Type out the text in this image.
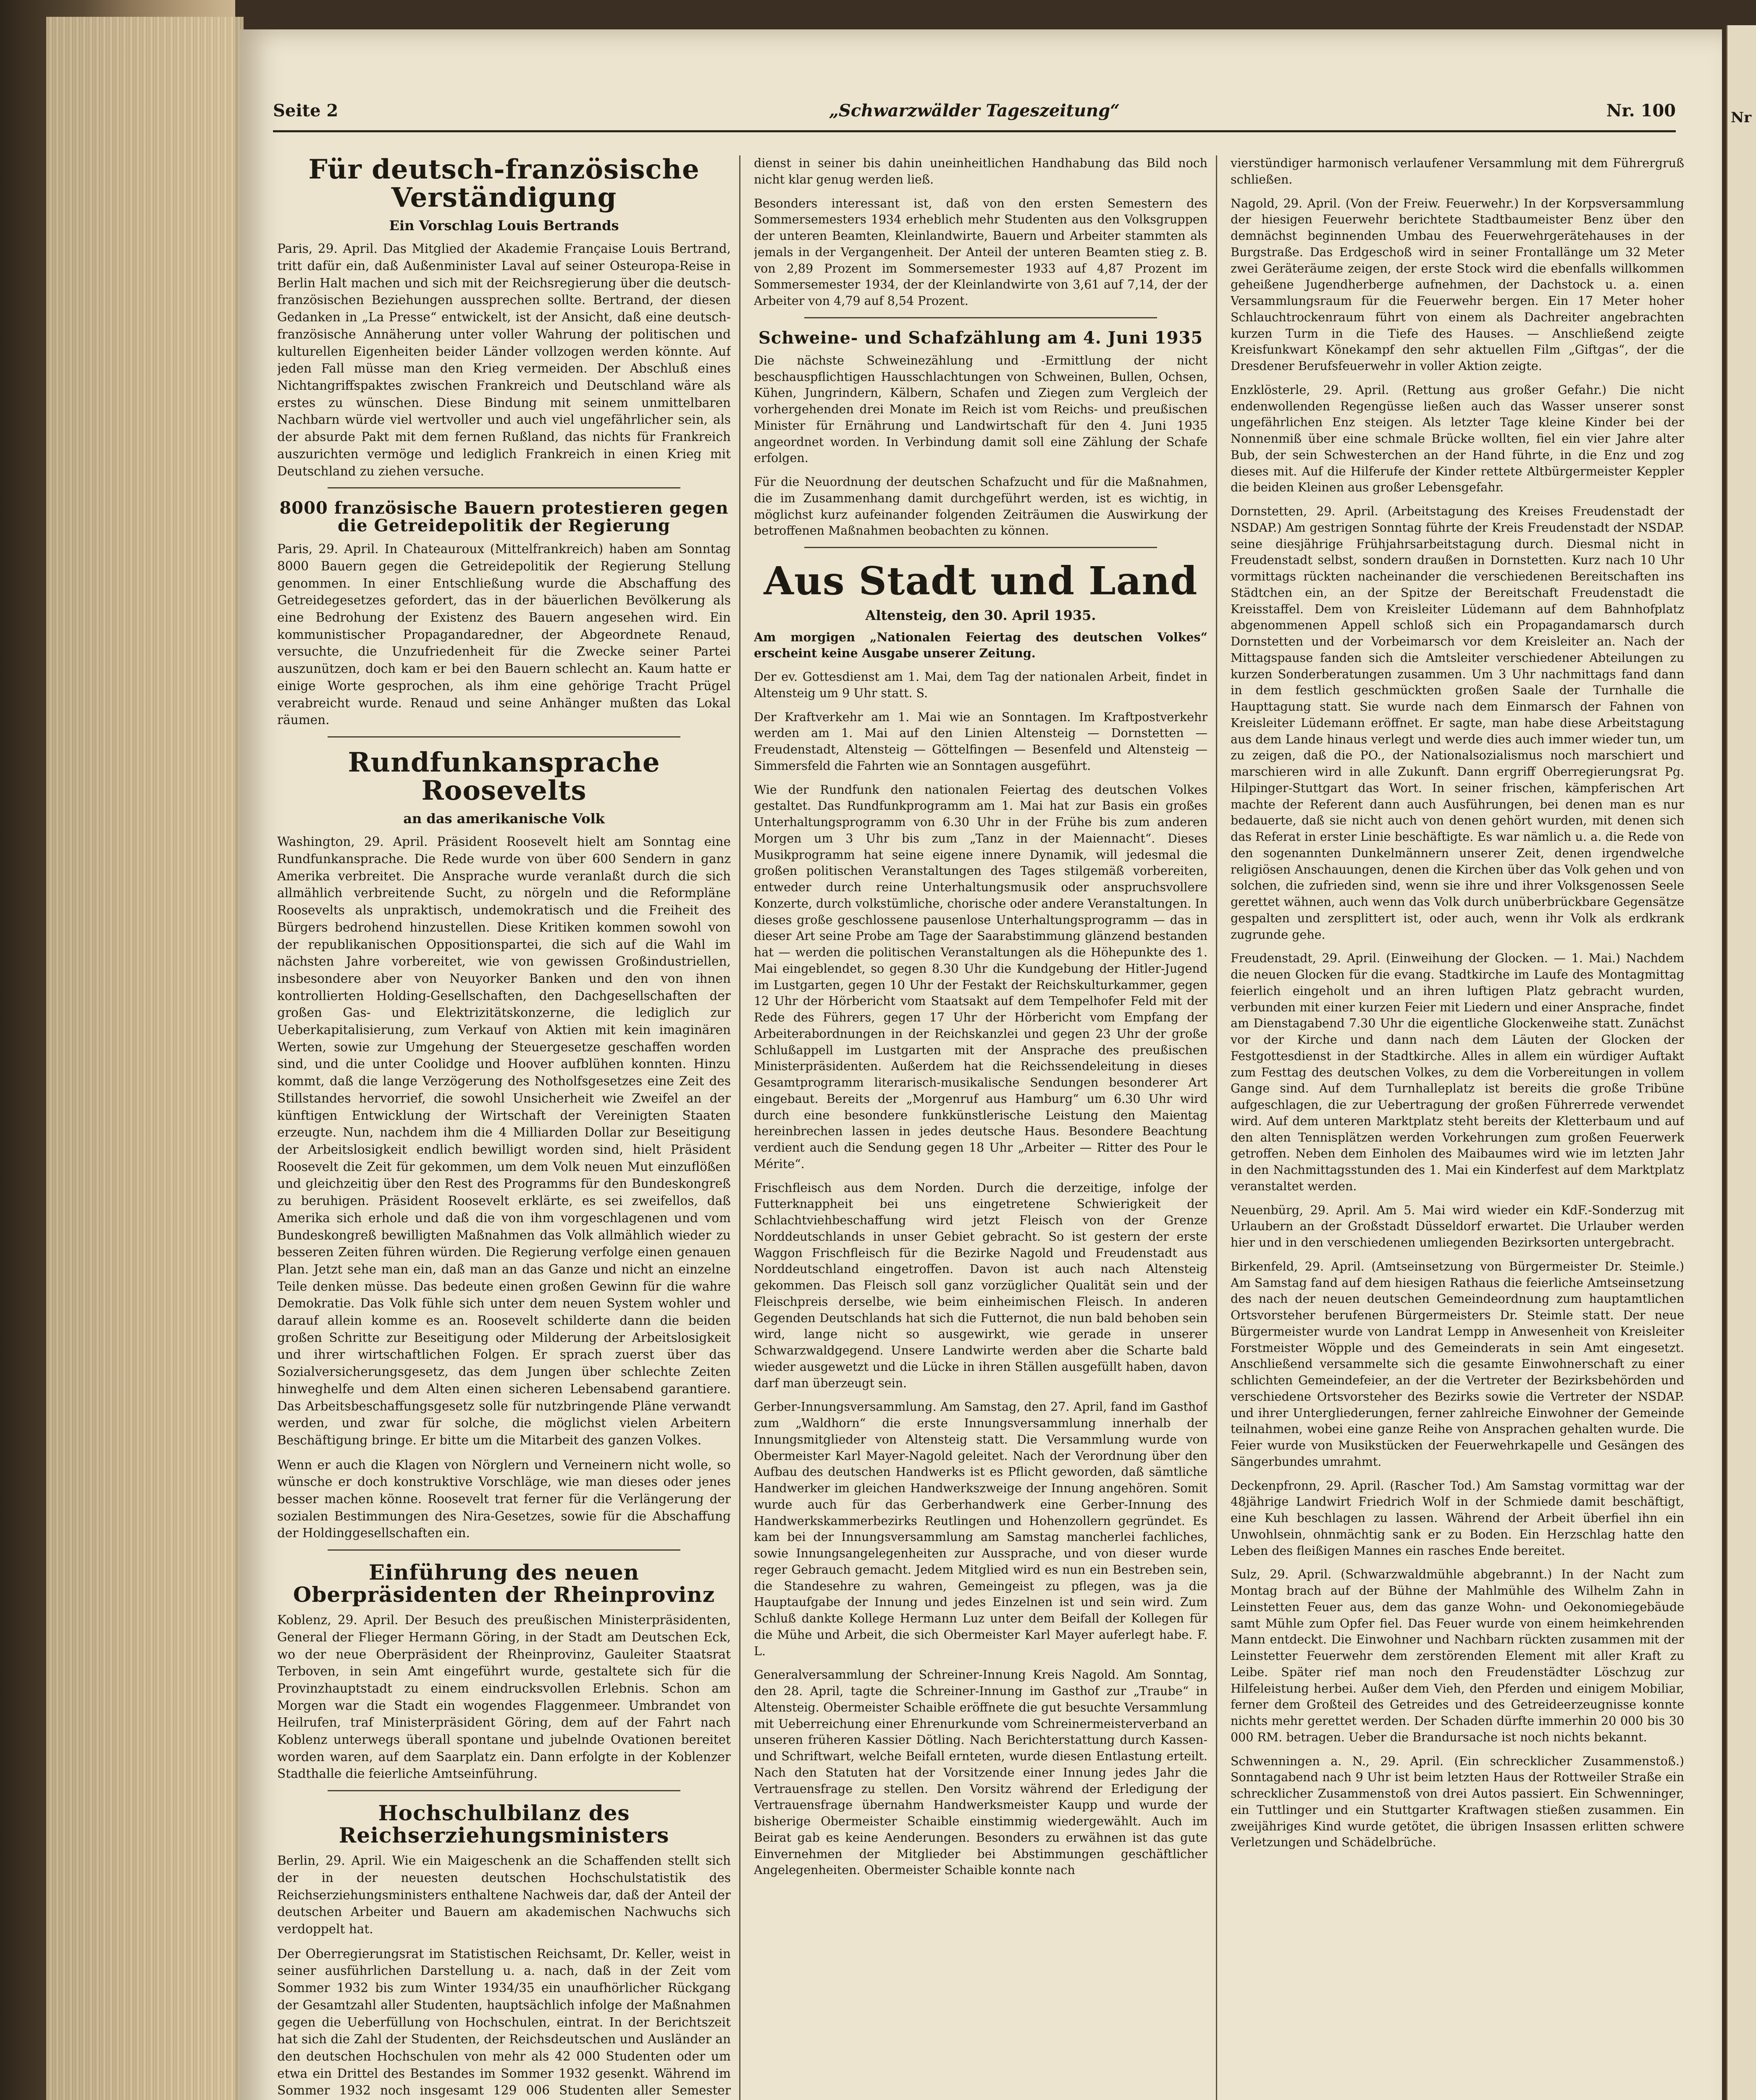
Seite 2	„Schwarzwälder Tageszeitung“	Nr. 100
Für deutsch-französische Verständigung
Ein Vorschlag Louis Bertrands

Paris, 29. April. Das Mitglied der Akademie Française Louis Bertrand, tritt dafür ein, daß Außenminister Laval auf seiner Osteuropa-Reise in Berlin Halt machen und sich mit der Reichsregierung über die deutsch-französischen Beziehungen aussprechen sollte. Bertrand, der diesen Gedanken in „La Presse“ entwickelt, ist der Ansicht, daß eine deutsch-französische Annäherung unter voller Wahrung der politischen und kulturellen Eigenheiten beider Länder vollzogen werden könnte. Auf jeden Fall müsse man den Krieg vermeiden. Der Abschluß eines Nichtangriffspaktes zwischen Frankreich und Deutschland wäre als erstes zu wünschen. Diese Bindung mit seinem unmittelbaren Nachbarn würde viel wertvoller und auch viel ungefährlicher sein, als der absurde Pakt mit dem fernen Rußland, das nichts für Frankreich auszurichten vermöge und lediglich Frankreich in einen Krieg mit Deutschland zu ziehen versuche.

8000 französische Bauern protestieren gegen die Getreidepolitik der Regierung

Paris, 29. April. In Chateauroux (Mittelfrankreich) haben am Sonntag 8000 Bauern gegen die Getreidepolitik der Regierung Stellung genommen. In einer Entschließung wurde die Abschaffung des Getreidegesetzes gefordert, das in der bäuerlichen Bevölkerung als eine Bedrohung der Existenz des Bauern angesehen wird. Ein kommunistischer Propagandaredner, der Abgeordnete Renaud, versuchte, die Unzufriedenheit für die Zwecke seiner Partei auszunützen, doch kam er bei den Bauern schlecht an. Kaum hatte er einige Worte gesprochen, als ihm eine gehörige Tracht Prügel verabreicht wurde. Renaud und seine Anhänger mußten das Lokal räumen.

Rundfunkansprache Roosevelts
an das amerikanische Volk

Washington, 29. April. Präsident Roosevelt hielt am Sonntag eine Rundfunkansprache. Die Rede wurde von über 600 Sendern in ganz Amerika verbreitet. Die Ansprache wurde veranlaßt durch die sich allmählich verbreitende Sucht, zu nörgeln und die Reformpläne Roosevelts als unpraktisch, undemokratisch und die Freiheit des Bürgers bedrohend hinzustellen. Diese Kritiken kommen sowohl von der republikanischen Oppositionspartei, die sich auf die Wahl im nächsten Jahre vorbereitet, wie von gewissen Großindustriellen, insbesondere aber von Neuyorker Banken und den von ihnen kontrollierten Holding-Gesellschaften, den Dachgesellschaften der großen Gas- und Elektrizitätskonzerne, die lediglich zur Ueberkapitalisierung, zum Verkauf von Aktien mit kein imaginären Werten, sowie zur Umgehung der Steuergesetze geschaffen worden sind, und die unter Coolidge und Hoover aufblühen konnten. Hinzu kommt, daß die lange Verzögerung des Notholfsgesetzes eine Zeit des Stillstandes hervorrief, die sowohl Unsicherheit wie Zweifel an der künftigen Entwicklung der Wirtschaft der Vereinigten Staaten erzeugte. Nun, nachdem ihm die 4 Milliarden Dollar zur Beseitigung der Arbeitslosigkeit endlich bewilligt worden sind, hielt Präsident Roosevelt die Zeit für gekommen, um dem Volk neuen Mut einzuflößen und gleichzeitig über den Rest des Programms für den Bundeskongreß zu beruhigen. Präsident Roosevelt erklärte, es sei zweifellos, daß Amerika sich erhole und daß die von ihm vorgeschlagenen und vom Bundeskongreß bewilligten Maßnahmen das Volk allmählich wieder zu besseren Zeiten führen würden. Die Regierung verfolge einen genauen Plan. Jetzt sehe man ein, daß man an das Ganze und nicht an einzelne Teile denken müsse. Das bedeute einen großen Gewinn für die wahre Demokratie. Das Volk fühle sich unter dem neuen System wohler und darauf allein komme es an. Roosevelt schilderte dann die beiden großen Schritte zur Beseitigung oder Milderung der Arbeitslosigkeit und ihrer wirtschaftlichen Folgen. Er sprach zuerst über das Sozialversicherungsgesetz, das dem Jungen über schlechte Zeiten hinweghelfe und dem Alten einen sicheren Lebensabend garantiere. Das Arbeitsbeschaffungsgesetz solle für nutzbringende Pläne verwandt werden, und zwar für solche, die möglichst vielen Arbeitern Beschäftigung bringe. Er bitte um die Mitarbeit des ganzen Volkes.

Wenn er auch die Klagen von Nörglern und Verneinern nicht wolle, so wünsche er doch konstruktive Vorschläge, wie man dieses oder jenes besser machen könne. Roosevelt trat ferner für die Verlängerung der sozialen Bestimmungen des Nira-Gesetzes, sowie für die Abschaffung der Holdinggesellschaften ein.

Einführung des neuen Oberpräsidenten der Rheinprovinz

Koblenz, 29. April. Der Besuch des preußischen Ministerpräsidenten, General der Flieger Hermann Göring, in der Stadt am Deutschen Eck, wo der neue Oberpräsident der Rheinprovinz, Gauleiter Staatsrat Terboven, in sein Amt eingeführt wurde, gestaltete sich für die Provinzhauptstadt zu einem eindrucksvollen Erlebnis. Schon am Morgen war die Stadt ein wogendes Flaggenmeer. Umbrandet von Heilrufen, traf Ministerpräsident Göring, dem auf der Fahrt nach Koblenz unterwegs überall spontane und jubelnde Ovationen bereitet worden waren, auf dem Saarplatz ein. Dann erfolgte in der Koblenzer Stadthalle die feierliche Amtseinführung.

Hochschulbilanz des Reichserziehungsministers

Berlin, 29. April. Wie ein Maigeschenk an die Schaffenden stellt sich der in der neuesten deutschen Hochschulstatistik des Reichserziehungsministers enthaltene Nachweis dar, daß der Anteil der deutschen Arbeiter und Bauern am akademischen Nachwuchs sich verdoppelt hat.

Der Oberregierungsrat im Statistischen Reichsamt, Dr. Keller, weist in seiner ausführlichen Darstellung u. a. nach, daß in der Zeit vom Sommer 1932 bis zum Winter 1934/35 ein unaufhörlicher Rückgang der Gesamtzahl aller Studenten, hauptsächlich infolge der Maßnahmen gegen die Ueberfüllung von Hochschulen, eintrat. In der Berichtszeit hat sich die Zahl der Studenten, der Reichsdeutschen und Ausländer an den deutschen Hochschulen von mehr als 42 000 Studenten oder um etwa ein Drittel des Bestandes im Sommer 1932 gesenkt. Während im Sommer 1932 noch insgesamt 129 006 Studenten aller Semester

dienst in seiner bis dahin uneinheitlichen Handhabung das Bild noch nicht klar genug werden ließ.

Besonders interessant ist, daß von den ersten Semestern des Sommersemesters 1934 erheblich mehr Studenten aus den Volksgruppen der unteren Beamten, Kleinlandwirte, Bauern und Arbeiter stammten als jemals in der Vergangenheit. Der Anteil der unteren Beamten stieg z. B. von 2,89 Prozent im Sommersemester 1933 auf 4,87 Prozent im Sommersemester 1934, der der Kleinlandwirte von 3,61 auf 7,14, der der Arbeiter von 4,79 auf 8,54 Prozent.

Schweine- und Schafzählung am 4. Juni 1935

Die nächste Schweinezählung und -Ermittlung der nicht beschauspflichtigen Hausschlachtungen von Schweinen, Bullen, Ochsen, Kühen, Jungrindern, Kälbern, Schafen und Ziegen zum Vergleich der vorhergehenden drei Monate im Reich ist vom Reichs- und preußischen Minister für Ernährung und Landwirtschaft für den 4. Juni 1935 angeordnet worden. In Verbindung damit soll eine Zählung der Schafe erfolgen.

Für die Neuordnung der deutschen Schafzucht und für die Maßnahmen, die im Zusammenhang damit durchgeführt werden, ist es wichtig, in möglichst kurz aufeinander folgenden Zeiträumen die Auswirkung der betroffenen Maßnahmen beobachten zu können.

Aus Stadt und Land
Altensteig, den 30. April 1935.

Am morgigen „Nationalen Feiertag des deutschen Volkes“ erscheint keine Ausgabe unserer Zeitung.

Der ev. Gottesdienst am 1. Mai, dem Tag der nationalen Arbeit, findet in Altensteig um 9 Uhr statt. S.

Der Kraftverkehr am 1. Mai wie an Sonntagen. Im Kraftpostverkehr werden am 1. Mai auf den Linien Altensteig — Dornstetten — Freudenstadt, Altensteig — Göttelfingen — Besenfeld und Altensteig — Simmersfeld die Fahrten wie an Sonntagen ausgeführt.

Wie der Rundfunk den nationalen Feiertag des deutschen Volkes gestaltet. Das Rundfunkprogramm am 1. Mai hat zur Basis ein großes Unterhaltungsprogramm von 6.30 Uhr in der Frühe bis zum anderen Morgen um 3 Uhr bis zum „Tanz in der Maiennacht“. Dieses Musikprogramm hat seine eigene innere Dynamik, will jedesmal die großen politischen Veranstaltungen des Tages stilgemäß vorbereiten, entweder durch reine Unterhaltungsmusik oder anspruchsvollere Konzerte, durch volkstümliche, chorische oder andere Veranstaltungen. In dieses große geschlossene pausenlose Unterhaltungsprogramm — das in dieser Art seine Probe am Tage der Saarabstimmung glänzend bestanden hat — werden die politischen Veranstaltungen als die Höhepunkte des 1. Mai eingeblendet, so gegen 8.30 Uhr die Kundgebung der Hitler-Jugend im Lustgarten, gegen 10 Uhr der Festakt der Reichskulturkammer, gegen 12 Uhr der Hörbericht vom Staatsakt auf dem Tempelhofer Feld mit der Rede des Führers, gegen 17 Uhr der Hörbericht vom Empfang der Arbeiterabordnungen in der Reichskanzlei und gegen 23 Uhr der große Schlußappell im Lustgarten mit der Ansprache des preußischen Ministerpräsidenten. Außerdem hat die Reichssendeleitung in dieses Gesamtprogramm literarisch-musikalische Sendungen besonderer Art eingebaut. Bereits der „Morgenruf aus Hamburg“ um 6.30 Uhr wird durch eine besondere funkkünstlerische Leistung den Maientag hereinbrechen lassen in jedes deutsche Haus. Besondere Beachtung verdient auch die Sendung gegen 18 Uhr „Arbeiter — Ritter des Pour le Mérite“.

Frischfleisch aus dem Norden. Durch die derzeitige, infolge der Futterknappheit bei uns eingetretene Schwierigkeit der Schlachtviehbeschaffung wird jetzt Fleisch von der Grenze Norddeutschlands in unser Gebiet gebracht. So ist gestern der erste Waggon Frischfleisch für die Bezirke Nagold und Freudenstadt aus Norddeutschland eingetroffen. Davon ist auch nach Altensteig gekommen. Das Fleisch soll ganz vorzüglicher Qualität sein und der Fleischpreis derselbe, wie beim einheimischen Fleisch. In anderen Gegenden Deutschlands hat sich die Futternot, die nun bald behoben sein wird, lange nicht so ausgewirkt, wie gerade in unserer Schwarzwaldgegend. Unsere Landwirte werden aber die Scharte bald wieder ausgewetzt und die Lücke in ihren Ställen ausgefüllt haben, davon darf man überzeugt sein.

Gerber-Innungsversammlung. Am Samstag, den 27. April, fand im Gasthof zum „Waldhorn“ die erste Innungsversammlung innerhalb der Innungsmitglieder von Altensteig statt. Die Versammlung wurde von Obermeister Karl Mayer-Nagold geleitet. Nach der Verordnung über den Aufbau des deutschen Handwerks ist es Pflicht geworden, daß sämtliche Handwerker im gleichen Handwerkszweige der Innung angehören. Somit wurde auch für das Gerberhandwerk eine Gerber-Innung des Handwerkskammerbezirks Reutlingen und Hohenzollern gegründet. Es kam bei der Innungsversammlung am Samstag mancherlei fachliches, sowie Innungsangelegenheiten zur Aussprache, und von dieser wurde reger Gebrauch gemacht. Jedem Mitglied wird es nun ein Bestreben sein, die Standesehre zu wahren, Gemeingeist zu pflegen, was ja die Hauptaufgabe der Innung und jedes Einzelnen ist und sein wird. Zum Schluß dankte Kollege Hermann Luz unter dem Beifall der Kollegen für die Mühe und Arbeit, die sich Obermeister Karl Mayer auferlegt habe. F. L.

Generalversammlung der Schreiner-Innung Kreis Nagold. Am Sonntag, den 28. April, tagte die Schreiner-Innung im Gasthof zur „Traube“ in Altensteig. Obermeister Schaible eröffnete die gut besuchte Versammlung mit Ueberreichung einer Ehrenurkunde vom Schreinermeisterverband an unseren früheren Kassier Dötling. Nach Berichterstattung durch Kassen- und Schriftwart, welche Beifall ernteten, wurde diesen Entlastung erteilt. Nach den Statuten hat der Vorsitzende einer Innung jedes Jahr die Vertrauensfrage zu stellen. Den Vorsitz während der Erledigung der Vertrauensfrage übernahm Handwerksmeister Kaupp und wurde der bisherige Obermeister Schaible einstimmig wiedergewählt. Auch im Beirat gab es keine Aenderungen. Besonders zu erwähnen ist das gute Einvernehmen der Mitglieder bei Abstimmungen geschäftlicher Angelegenheiten. Obermeister Schaible konnte nach

vierstündiger harmonisch verlaufener Versammlung mit dem Führergruß schließen.

Nagold, 29. April. (Von der Freiw. Feuerwehr.) In der Korpsversammlung der hiesigen Feuerwehr berichtete Stadtbaumeister Benz über den demnächst beginnenden Umbau des Feuerwehrgerätehauses in der Burgstraße. Das Erdgeschoß wird in seiner Frontallänge um 32 Meter zwei Geräteräume zeigen, der erste Stock wird die ebenfalls willkommen geheißene Jugendherberge aufnehmen, der Dachstock u. a. einen Versammlungsraum für die Feuerwehr bergen. Ein 17 Meter hoher Schlauchtrockenraum führt von einem als Dachreiter angebrachten kurzen Turm in die Tiefe des Hauses. — Anschließend zeigte Kreisfunkwart Könekampf den sehr aktuellen Film „Giftgas“, der die Dresdener Berufsfeuerwehr in voller Aktion zeigte.

Enzklösterle, 29. April. (Rettung aus großer Gefahr.) Die nicht endenwollenden Regengüsse ließen auch das Wasser unserer sonst ungefährlichen Enz steigen. Als letzter Tage kleine Kinder bei der Nonnenmiß über eine schmale Brücke wollten, fiel ein vier Jahre alter Bub, der sein Schwesterchen an der Hand führte, in die Enz und zog dieses mit. Auf die Hilferufe der Kinder rettete Altbürgermeister Keppler die beiden Kleinen aus großer Lebensgefahr.

Dornstetten, 29. April. (Arbeitstagung des Kreises Freudenstadt der NSDAP.) Am gestrigen Sonntag führte der Kreis Freudenstadt der NSDAP. seine diesjährige Frühjahrsarbeitstagung durch. Diesmal nicht in Freudenstadt selbst, sondern draußen in Dornstetten. Kurz nach 10 Uhr vormittags rückten nacheinander die verschiedenen Bereitschaften ins Städtchen ein, an der Spitze der Bereitschaft Freudenstadt die Kreisstaffel. Dem von Kreisleiter Lüdemann auf dem Bahnhofplatz abgenommenen Appell schloß sich ein Propagandamarsch durch Dornstetten und der Vorbeimarsch vor dem Kreisleiter an. Nach der Mittagspause fanden sich die Amtsleiter verschiedener Abteilungen zu kurzen Sonderberatungen zusammen. Um 3 Uhr nachmittags fand dann in dem festlich geschmückten großen Saale der Turnhalle die Haupttagung statt. Sie wurde nach dem Einmarsch der Fahnen von Kreisleiter Lüdemann eröffnet. Er sagte, man habe diese Arbeitstagung aus dem Lande hinaus verlegt und werde dies auch immer wieder tun, um zu zeigen, daß die PO., der Nationalsozialismus noch marschiert und marschieren wird in alle Zukunft. Dann ergriff Oberregierungsrat Pg. Hilpinger-Stuttgart das Wort. In seiner frischen, kämpferischen Art machte der Referent dann auch Ausführungen, bei denen man es nur bedauerte, daß sie nicht auch von denen gehört wurden, mit denen sich das Referat in erster Linie beschäftigte. Es war nämlich u. a. die Rede von den sogenannten Dunkelmännern unserer Zeit, denen irgendwelche religiösen Anschauungen, denen die Kirchen über das Volk gehen und von solchen, die zufrieden sind, wenn sie ihre und ihrer Volksgenossen Seele gerettet wähnen, auch wenn das Volk durch unüberbrückbare Gegensätze gespalten und zersplittert ist, oder auch, wenn ihr Volk als erdkrank zugrunde gehe.

Freudenstadt, 29. April. (Einweihung der Glocken. — 1. Mai.) Nachdem die neuen Glocken für die evang. Stadtkirche im Laufe des Montagmittag feierlich eingeholt und an ihren luftigen Platz gebracht wurden, verbunden mit einer kurzen Feier mit Liedern und einer Ansprache, findet am Dienstagabend 7.30 Uhr die eigentliche Glockenweihe statt. Zunächst vor der Kirche und dann nach dem Läuten der Glocken der Festgottesdienst in der Stadtkirche. Alles in allem ein würdiger Auftakt zum Festtag des deutschen Volkes, zu dem die Vorbereitungen in vollem Gange sind. Auf dem Turnhalleplatz ist bereits die große Tribüne aufgeschlagen, die zur Uebertragung der großen Führerrede verwendet wird. Auf dem unteren Marktplatz steht bereits der Kletterbaum und auf den alten Tennisplätzen werden Vorkehrungen zum großen Feuerwerk getroffen. Neben dem Einholen des Maibaumes wird wie im letzten Jahr in den Nachmittagsstunden des 1. Mai ein Kinderfest auf dem Marktplatz veranstaltet werden.

Neuenbürg, 29. April. Am 5. Mai wird wieder ein KdF.-Sonderzug mit Urlaubern an der Großstadt Düsseldorf erwartet. Die Urlauber werden hier und in den verschiedenen umliegenden Bezirksorten untergebracht.

Birkenfeld, 29. April. (Amtseinsetzung von Bürgermeister Dr. Steimle.) Am Samstag fand auf dem hiesigen Rathaus die feierliche Amtseinsetzung des nach der neuen deutschen Gemeindeordnung zum hauptamtlichen Ortsvorsteher berufenen Bürgermeisters Dr. Steimle statt. Der neue Bürgermeister wurde von Landrat Lempp in Anwesenheit von Kreisleiter Forstmeister Wöpple und des Gemeinderats in sein Amt eingesetzt. Anschließend versammelte sich die gesamte Einwohnerschaft zu einer schlichten Gemeindefeier, an der die Vertreter der Bezirksbehörden und verschiedene Ortsvorsteher des Bezirks sowie die Vertreter der NSDAP. und ihrer Untergliederungen, ferner zahlreiche Einwohner der Gemeinde teilnahmen, wobei eine ganze Reihe von Ansprachen gehalten wurde. Die Feier wurde von Musikstücken der Feuerwehrkapelle und Gesängen des Sängerbundes umrahmt.

Deckenpfronn, 29. April. (Rascher Tod.) Am Samstag vormittag war der 48jährige Landwirt Friedrich Wolf in der Schmiede damit beschäftigt, eine Kuh beschlagen zu lassen. Während der Arbeit überfiel ihn ein Unwohlsein, ohnmächtig sank er zu Boden. Ein Herzschlag hatte den Leben des fleißigen Mannes ein rasches Ende bereitet.

Sulz, 29. April. (Schwarzwaldmühle abgebrannt.) In der Nacht zum Montag brach auf der Bühne der Mahlmühle des Wilhelm Zahn in Leinstetten Feuer aus, dem das ganze Wohn- und Oekonomiegebäude samt Mühle zum Opfer fiel. Das Feuer wurde von einem heimkehrenden Mann entdeckt. Die Einwohner und Nachbarn rückten zusammen mit der Leinstetter Feuerwehr dem zerstörenden Element mit aller Kraft zu Leibe. Später rief man noch den Freudenstädter Löschzug zur Hilfeleistung herbei. Außer dem Vieh, den Pferden und einigem Mobiliar, ferner dem Großteil des Getreides und des Getreideerzeugnisse konnte nichts mehr gerettet werden. Der Schaden dürfte immerhin 20 000 bis 30 000 RM. betragen. Ueber die Brandursache ist noch nichts bekannt.

Schwenningen a. N., 29. April. (Ein schrecklicher Zusammenstoß.) Sonntagabend nach 9 Uhr ist beim letzten Haus der Rottweiler Straße ein schrecklicher Zusammenstoß von drei Autos passiert. Ein Schwenninger, ein Tuttlinger und ein Stuttgarter Kraftwagen stießen zusammen. Ein zweijähriges Kind wurde getötet, die übrigen Insassen erlitten schwere Verletzungen und Schädelbrüche.

Nr
